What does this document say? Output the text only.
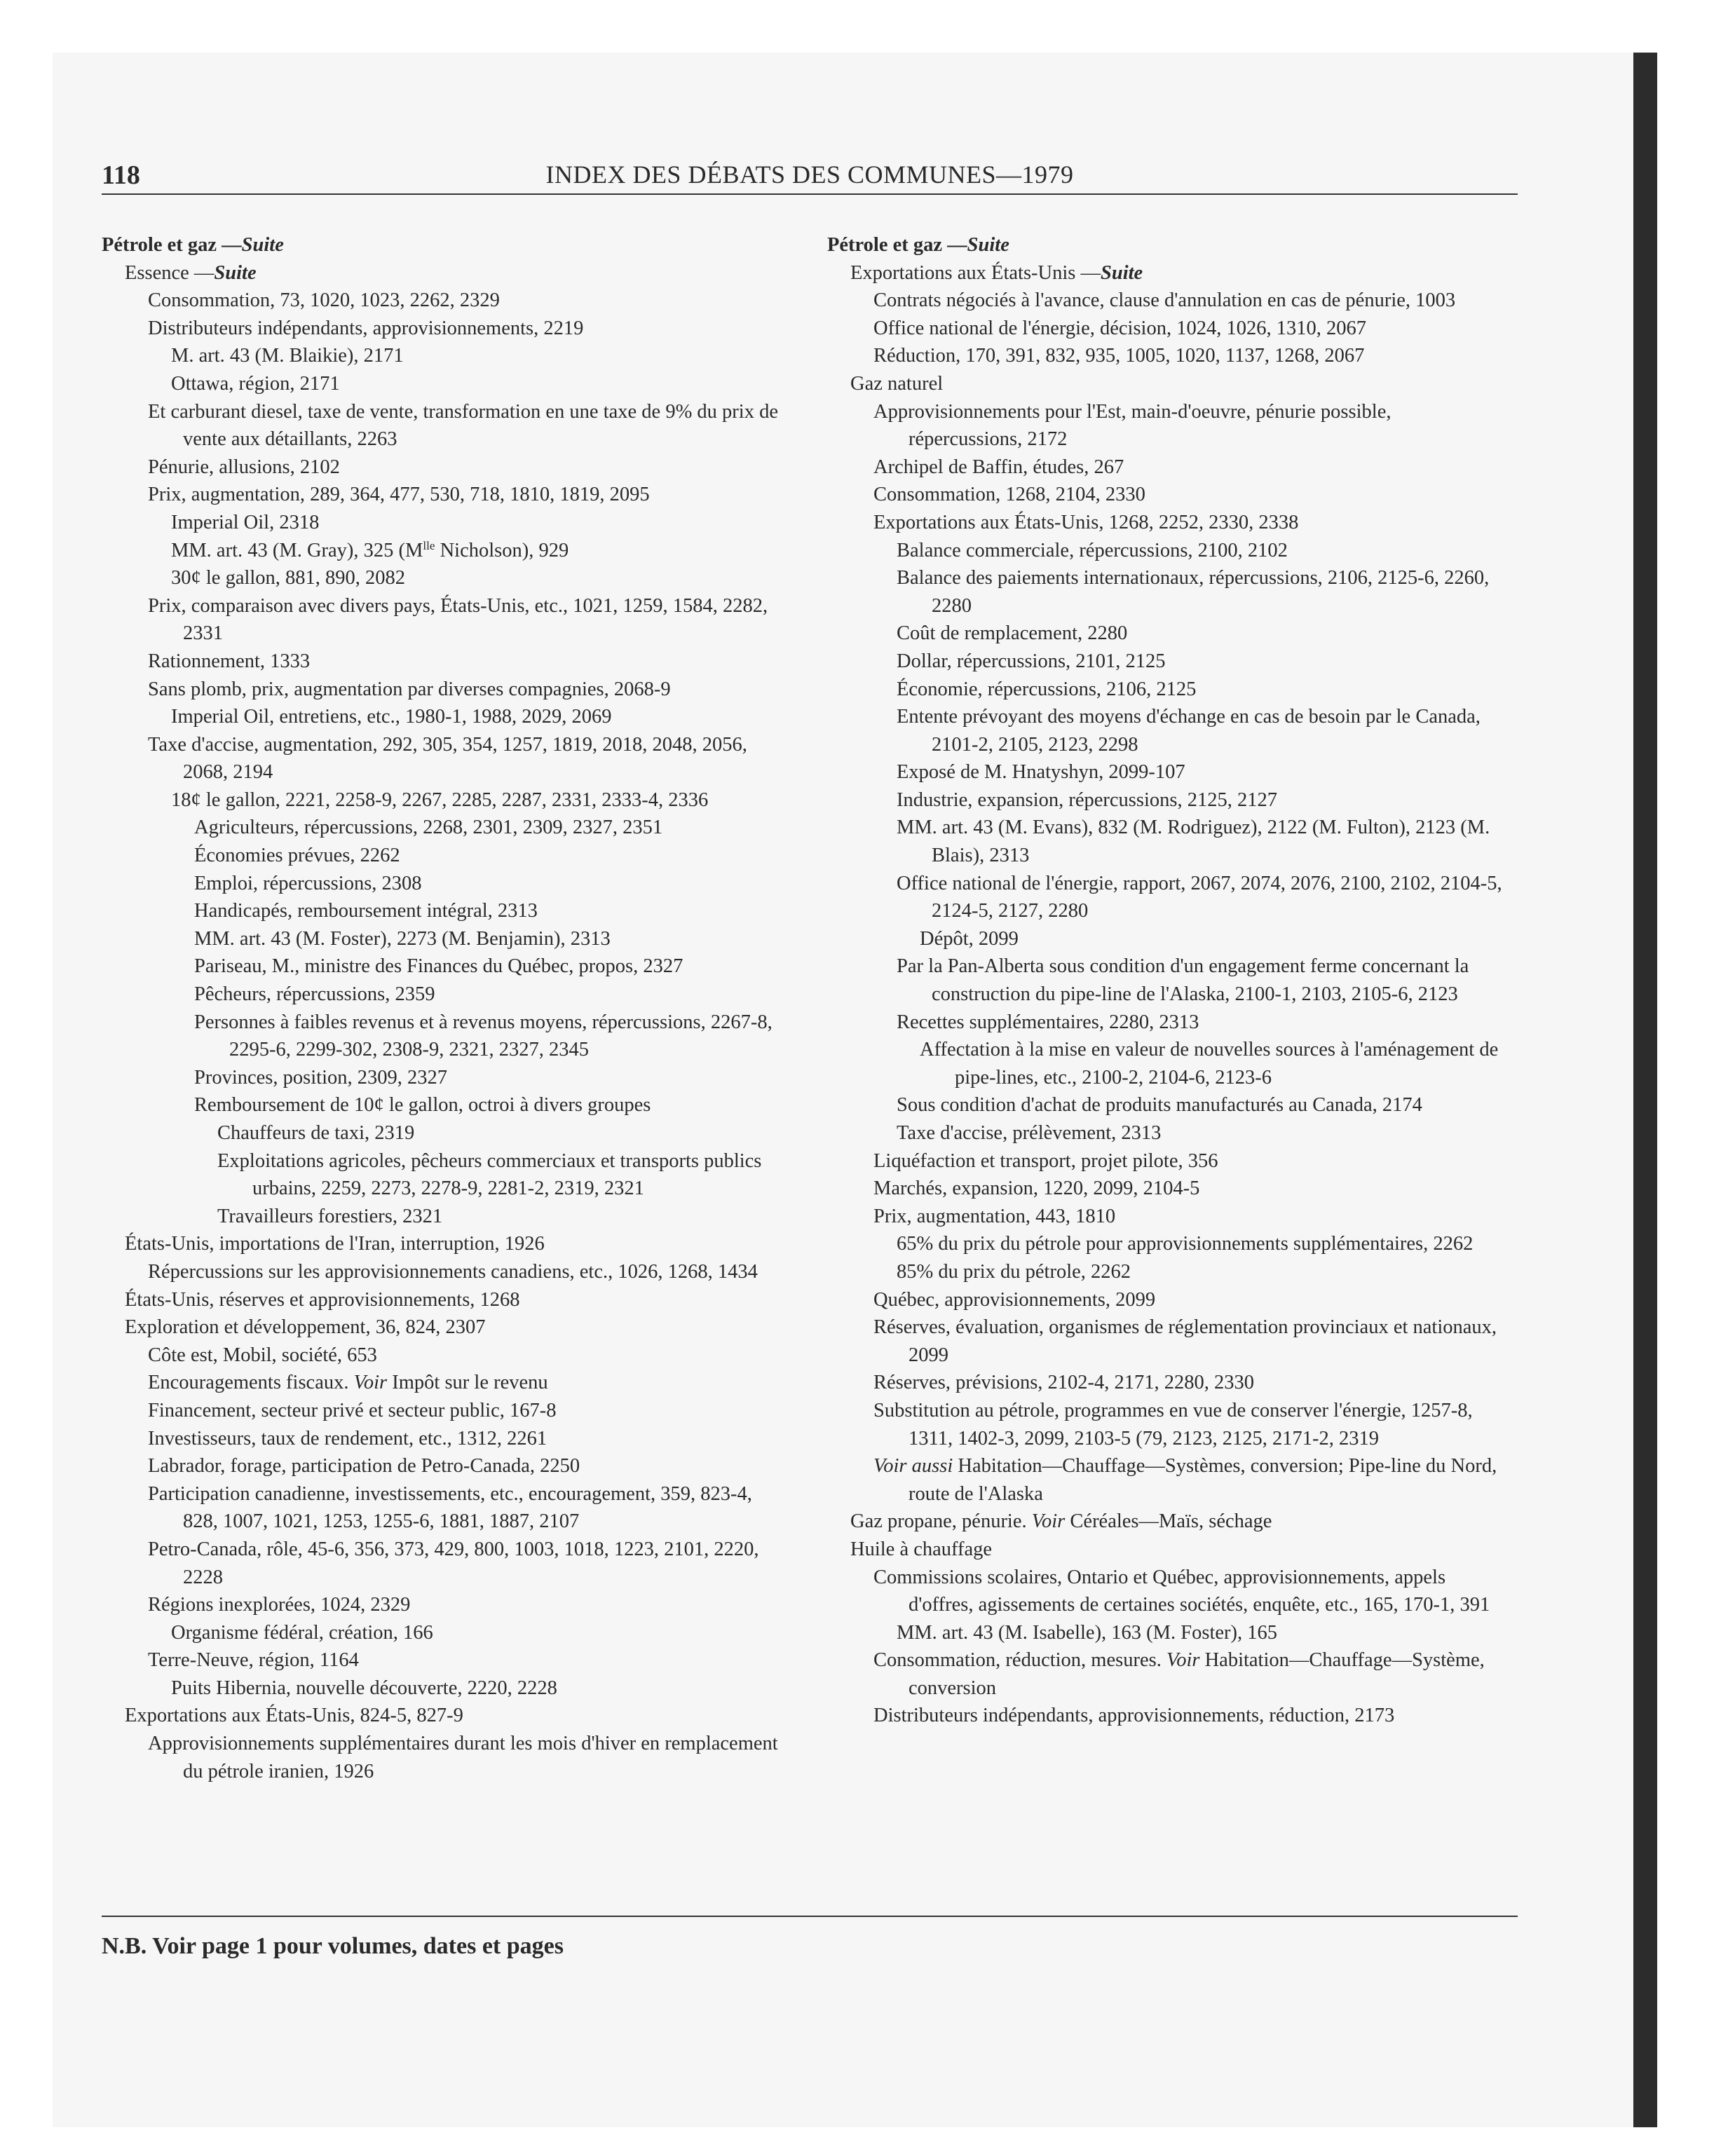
118	INDEX DES DÉBATS DES COMMUNES—1979
Pétrole et gaz —Suite
Essence —Suite
Consommation, 73, 1020, 1023, 2262, 2329
Distributeurs indépendants, approvisionnements, 2219
M. art. 43 (M. Blaikie), 2171
Ottawa, région, 2171
Et carburant diesel, taxe de vente, transformation en une taxe de 9% du prix de vente aux détaillants, 2263
Pénurie, allusions, 2102
Prix, augmentation, 289, 364, 477, 530, 718, 1810, 1819, 2095
Imperial Oil, 2318
MM. art. 43 (M. Gray), 325 ($M^{lle}$ Nicholson), 929
30¢ le gallon, 881, 890, 2082
Prix, comparaison avec divers pays, États-Unis, etc., 1021, 1259, 1584, 2282, 2331
Rationnement, 1333
Sans plomb, prix, augmentation par diverses compagnies, 2068-9
Imperial Oil, entretiens, etc., 1980-1, 1988, 2029, 2069
Taxe d'accise, augmentation, 292, 305, 354, 1257, 1819, 2018, 2048, 2056, 2068, 2194
18¢ le gallon, 2221, 2258-9, 2267, 2285, 2287, 2331, 2333-4, 2336
Agriculteurs, répercussions, 2268, 2301, 2309, 2327, 2351
Économies prévues, 2262
Emploi, répercussions, 2308
Handicapés, remboursement intégral, 2313
MM. art. 43 (M. Foster), 2273 (M. Benjamin), 2313
Pariseau, M., ministre des Finances du Québec, propos, 2327
Pêcheurs, répercussions, 2359
Personnes à faibles revenus et à revenus moyens, répercussions, 2267-8, 2295-6, 2299-302, 2308-9, 2321, 2327, 2345
Provinces, position, 2309, 2327
Remboursement de 10¢ le gallon, octroi à divers groupes
Chauffeurs de taxi, 2319
Exploitations agricoles, pêcheurs commerciaux et transports publics urbains, 2259, 2273, 2278-9, 2281-2, 2319, 2321
Travailleurs forestiers, 2321
États-Unis, importations de l'Iran, interruption, 1926
Répercussions sur les approvisionnements canadiens, etc., 1026, 1268, 1434
États-Unis, réserves et approvisionnements, 1268
Exploration et développement, 36, 824, 2307
Côte est, Mobil, société, 653
Encouragements fiscaux. Voir Impôt sur le revenu
Financement, secteur privé et secteur public, 167-8
Investisseurs, taux de rendement, etc., 1312, 2261
Labrador, forage, participation de Petro-Canada, 2250
Participation canadienne, investissements, etc., encouragement, 359, 823-4, 828, 1007, 1021, 1253, 1255-6, 1881, 1887, 2107
Petro-Canada, rôle, 45-6, 356, 373, 429, 800, 1003, 1018, 1223, 2101, 2220, 2228
Régions inexplorées, 1024, 2329
Organisme fédéral, création, 166
Terre-Neuve, région, 1164
Puits Hibernia, nouvelle découverte, 2220, 2228
Exportations aux États-Unis, 824-5, 827-9
Approvisionnements supplémentaires durant les mois d'hiver en remplacement du pétrole iranien, 1926
Pétrole et gaz —Suite
Exportations aux États-Unis —Suite
Contrats négociés à l'avance, clause d'annulation en cas de pénurie, 1003
Office national de l'énergie, décision, 1024, 1026, 1310, 2067
Réduction, 170, 391, 832, 935, 1005, 1020, 1137, 1268, 2067
Gaz naturel
Approvisionnements pour l'Est, main-d'oeuvre, pénurie possible, répercussions, 2172
Archipel de Baffin, études, 267
Consommation, 1268, 2104, 2330
Exportations aux États-Unis, 1268, 2252, 2330, 2338
Balance commerciale, répercussions, 2100, 2102
Balance des paiements internationaux, répercussions, 2106, 2125-6, 2260, 2280
Coût de remplacement, 2280
Dollar, répercussions, 2101, 2125
Économie, répercussions, 2106, 2125
Entente prévoyant des moyens d'échange en cas de besoin par le Canada, 2101-2, 2105, 2123, 2298
Exposé de M. Hnatyshyn, 2099-107
Industrie, expansion, répercussions, 2125, 2127
MM. art. 43 (M. Evans), 832 (M. Rodriguez), 2122 (M. Fulton), 2123 (M. Blais), 2313
Office national de l'énergie, rapport, 2067, 2074, 2076, 2100, 2102, 2104-5, 2124-5, 2127, 2280
Dépôt, 2099
Par la Pan-Alberta sous condition d'un engagement ferme concernant la construction du pipe-line de l'Alaska, 2100-1, 2103, 2105-6, 2123
Recettes supplémentaires, 2280, 2313
Affectation à la mise en valeur de nouvelles sources à l'aménagement de pipe-lines, etc., 2100-2, 2104-6, 2123-6
Sous condition d'achat de produits manufacturés au Canada, 2174
Taxe d'accise, prélèvement, 2313
Liquéfaction et transport, projet pilote, 356
Marchés, expansion, 1220, 2099, 2104-5
Prix, augmentation, 443, 1810
65% du prix du pétrole pour approvisionnements supplémentaires, 2262
85% du prix du pétrole, 2262
Québec, approvisionnements, 2099
Réserves, évaluation, organismes de réglementation provinciaux et nationaux, 2099
Réserves, prévisions, 2102-4, 2171, 2280, 2330
Substitution au pétrole, programmes en vue de conserver l'énergie, 1257-8, 1311, 1402-3, 2099, 2103-5 (79, 2123, 2125, 2171-2, 2319
Voir aussi Habitation—Chauffage—Systèmes, conversion; Pipe-line du Nord, route de l'Alaska
Gaz propane, pénurie. Voir Céréales—Maïs, séchage
Huile à chauffage
Commissions scolaires, Ontario et Québec, approvisionnements, appels d'offres, agissements de certaines sociétés, enquête, etc., 165, 170-1, 391
MM. art. 43 (M. Isabelle), 163 (M. Foster), 165
Consommation, réduction, mesures. Voir Habitation—Chauffage—Système, conversion
Distributeurs indépendants, approvisionnements, réduction, 2173
N.B. Voir page 1 pour volumes, dates et pages
